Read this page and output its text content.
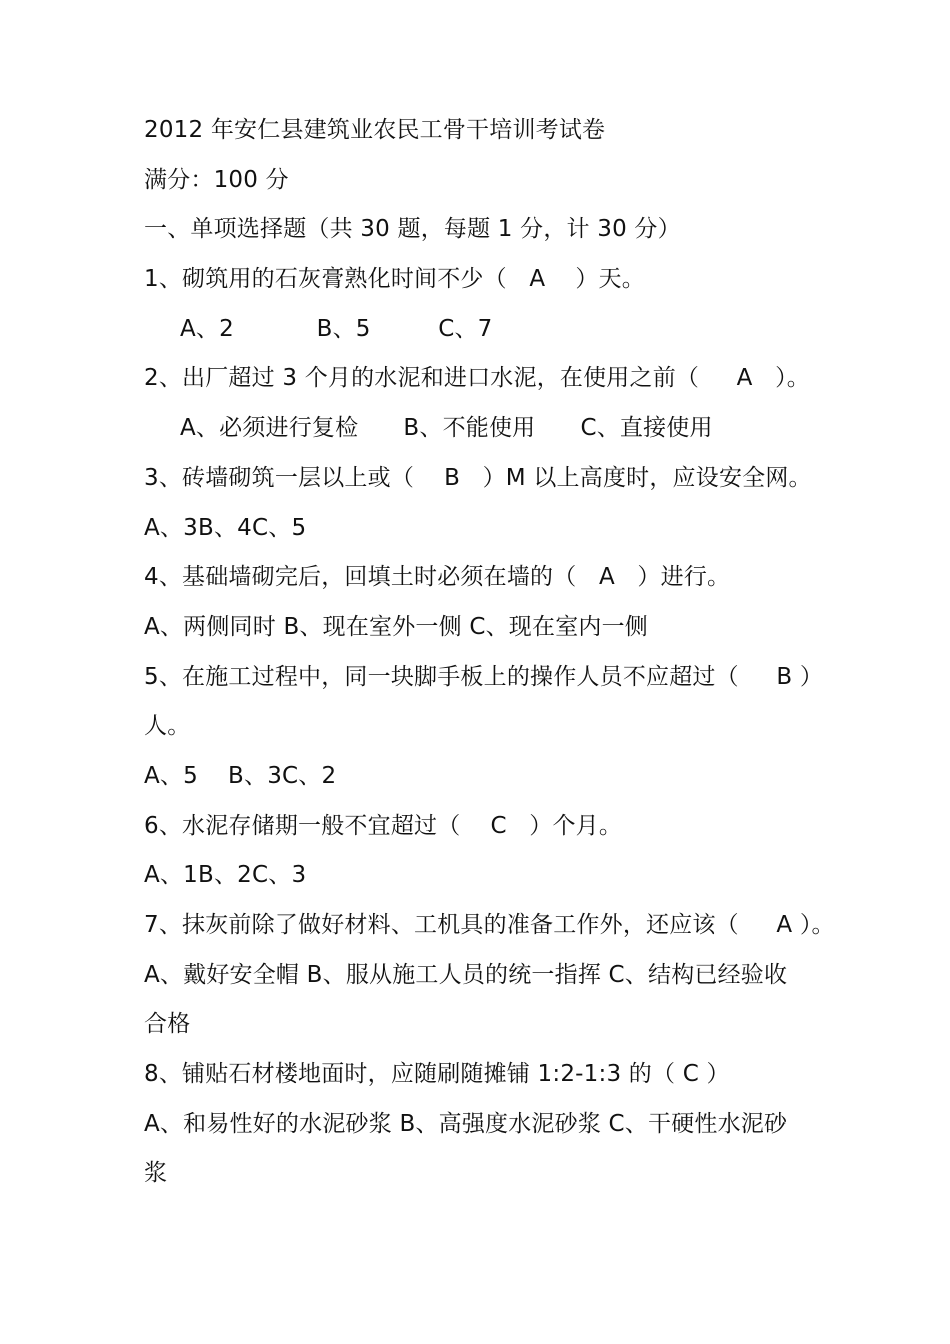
2012 年安仁县建筑业农民工骨干培训考试卷
满分：100 分
一、单项选择题（共 30 题，每题 1 分，计 30 分）
1、砌筑用的石灰膏熟化时间不少（   A    ）天。
A、2           B、5         C、7
2、出厂超过 3 个月的水泥和进口水泥，在使用之前（     A   ）。
A、必须进行复检      B、不能使用      C、直接使用
3、砖墙砌筑一层以上或（    B   ）M 以上高度时，应设安全网。
A、3B、4C、5
4、基础墙砌完后，回填土时必须在墙的（   A   ）进行。
A、两侧同时 B、现在室外一侧 C、现在室内一侧
5、在施工过程中，同一块脚手板上的操作人员不应超过（     B ）
人。
A、5    B、3C、2
6、水泥存储期一般不宜超过（    C   ）个月。
A、1B、2C、3
7、抹灰前除了做好材料、工机具的准备工作外，还应该（     A ）。
A、戴好安全帽 B、服从施工人员的统一指挥 C、结构已经验收
合格
8、铺贴石材楼地面时，应随刷随摊铺 1:2-1:3 的（ C ）
A、和易性好的水泥砂浆 B、高强度水泥砂浆 C、干硬性水泥砂
浆
